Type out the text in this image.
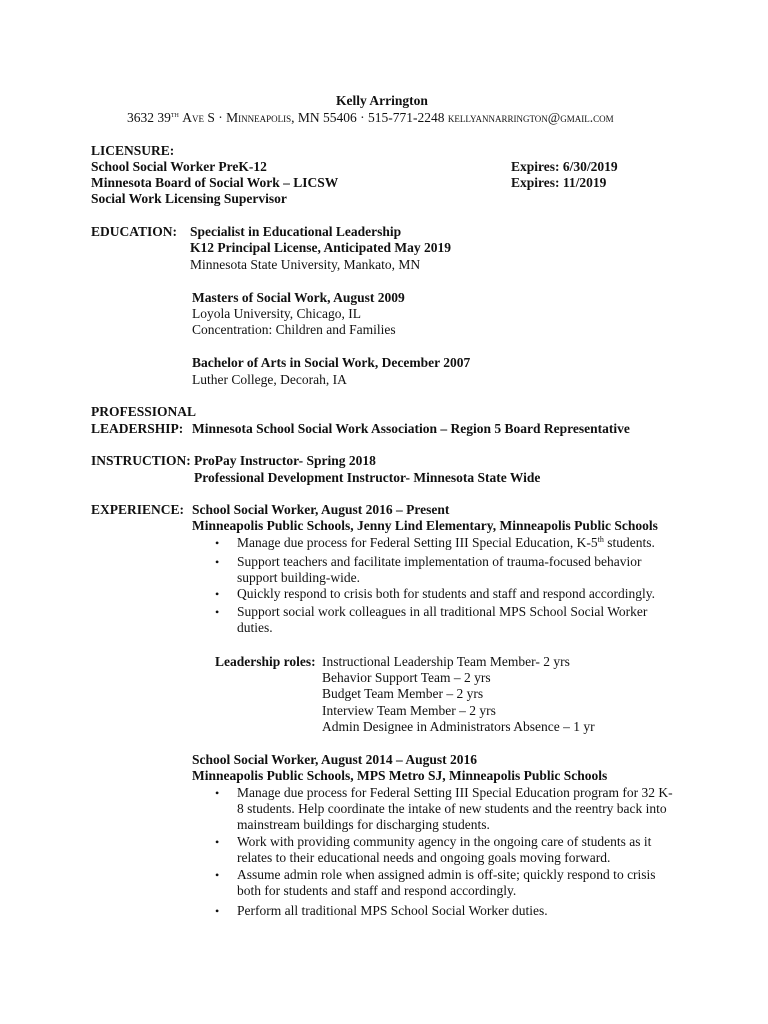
Kelly Arrington
3632 39th Ave S · Minneapolis, MN 55406 · 515-771-2248 kellyannarrington@gmail.com
LICENSURE:
School Social Worker PreK-12	Expires: 6/30/2019
Minnesota Board of Social Work – LICSW	Expires: 11/2019
Social Work Licensing Supervisor
EDUCATION: Specialist in Educational Leadership
K12 Principal License, Anticipated May 2019
Minnesota State University, Mankato, MN
Masters of Social Work, August 2009
Loyola University, Chicago, IL
Concentration: Children and Families
Bachelor of Arts in Social Work, December 2007
Luther College, Decorah, IA
PROFESSIONAL
LEADERSHIP: Minnesota School Social Work Association – Region 5 Board Representative
INSTRUCTION: ProPay Instructor- Spring 2018
Professional Development Instructor- Minnesota State Wide
EXPERIENCE: School Social Worker, August 2016 – Present
Minneapolis Public Schools, Jenny Lind Elementary, Minneapolis Public Schools
• Manage due process for Federal Setting III Special Education, K-5th students.
• Support teachers and facilitate implementation of trauma-focused behavior support building-wide.
• Quickly respond to crisis both for students and staff and respond accordingly.
• Support social work colleagues in all traditional MPS School Social Worker duties.
Leadership roles: Instructional Leadership Team Member- 2 yrs
Behavior Support Team – 2 yrs
Budget Team Member – 2 yrs
Interview Team Member – 2 yrs
Admin Designee in Administrators Absence – 1 yr
School Social Worker, August 2014 – August 2016
Minneapolis Public Schools, MPS Metro SJ, Minneapolis Public Schools
• Manage due process for Federal Setting III Special Education program for 32 K-8 students. Help coordinate the intake of new students and the reentry back into mainstream buildings for discharging students.
• Work with providing community agency in the ongoing care of students as it relates to their educational needs and ongoing goals moving forward.
• Assume admin role when assigned admin is off-site; quickly respond to crisis both for students and staff and respond accordingly.
• Perform all traditional MPS School Social Worker duties.
